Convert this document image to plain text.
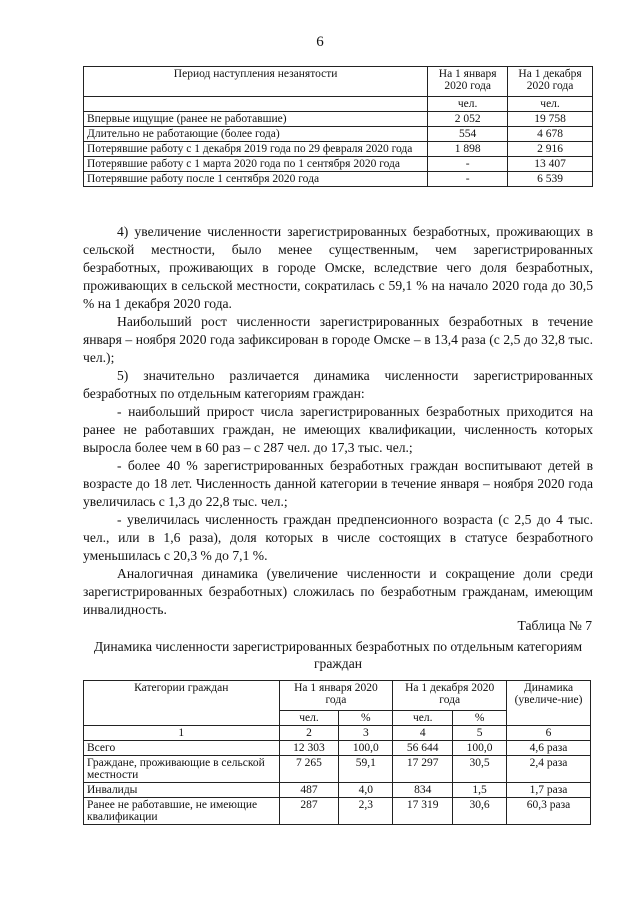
6
Период наступления незанятости	На 1 января 2020 года	На 1 декабря 2020 года
	чел.	чел.
Впервые ищущие (ранее не работавшие)	2 052	19 758
Длительно не работающие (более года)	554	4 678
Потерявшие работу с 1 декабря 2019 года по 29 февраля 2020 года	1 898	2 916
Потерявшие работу с 1 марта 2020 года по 1 сентября 2020 года	-	13 407
Потерявшие работу после 1 сентября 2020 года	-	6 539

4) увеличение численности зарегистрированных безработных, проживающих в сельской местности, было менее существенным, чем зарегистрированных безработных, проживающих в городе Омске, вследствие чего доля безработных, проживающих в сельской местности, сократилась с 59,1 % на начало 2020 года до 30,5 % на 1 декабря 2020 года.

Наибольший рост численности зарегистрированных безработных в течение января – ноября 2020 года зафиксирован в городе Омске – в 13,4 раза (с 2,5 до 32,8 тыс. чел.);

5) значительно различается динамика численности зарегистрированных безработных по отдельным категориям граждан:

- наибольший прирост числа зарегистрированных безработных приходится на ранее не работавших граждан, не имеющих квалификации, численность которых выросла более чем в 60 раз – с 287 чел. до 17,3 тыс. чел.;

- более 40 % зарегистрированных безработных граждан воспитывают детей в возрасте до 18 лет. Численность данной категории в течение января – ноября 2020 года увеличилась с 1,3 до 22,8 тыс. чел.;

- увеличилась численность граждан предпенсионного возраста (с 2,5 до 4 тыс. чел., или в 1,6 раза), доля которых в числе состоящих в статусе безработного уменьшилась с 20,3 % до 7,1 %.

Аналогичная динамика (увеличение численности и сокращение доли среди зарегистрированных безработных) сложилась по безработным гражданам, имеющим инвалидность.

Таблица № 7
Динамика численности зарегистрированных безработных по отдельным категориям граждан
Категории граждан	На 1 января 2020 года		На 1 декабря 2020 года		Динамика (увеличе-ние)
	чел.	%	чел.	%	
1	2	3	4	5	6
Всего	12 303	100,0	56 644	100,0	4,6 раза
Граждане, проживающие в сельской местности	7 265	59,1	17 297	30,5	2,4 раза
Инвалиды	487	4,0	834	1,5	1,7 раза
Ранее не работавшие, не имеющие квалификации	287	2,3	17 319	30,6	60,3 раза
